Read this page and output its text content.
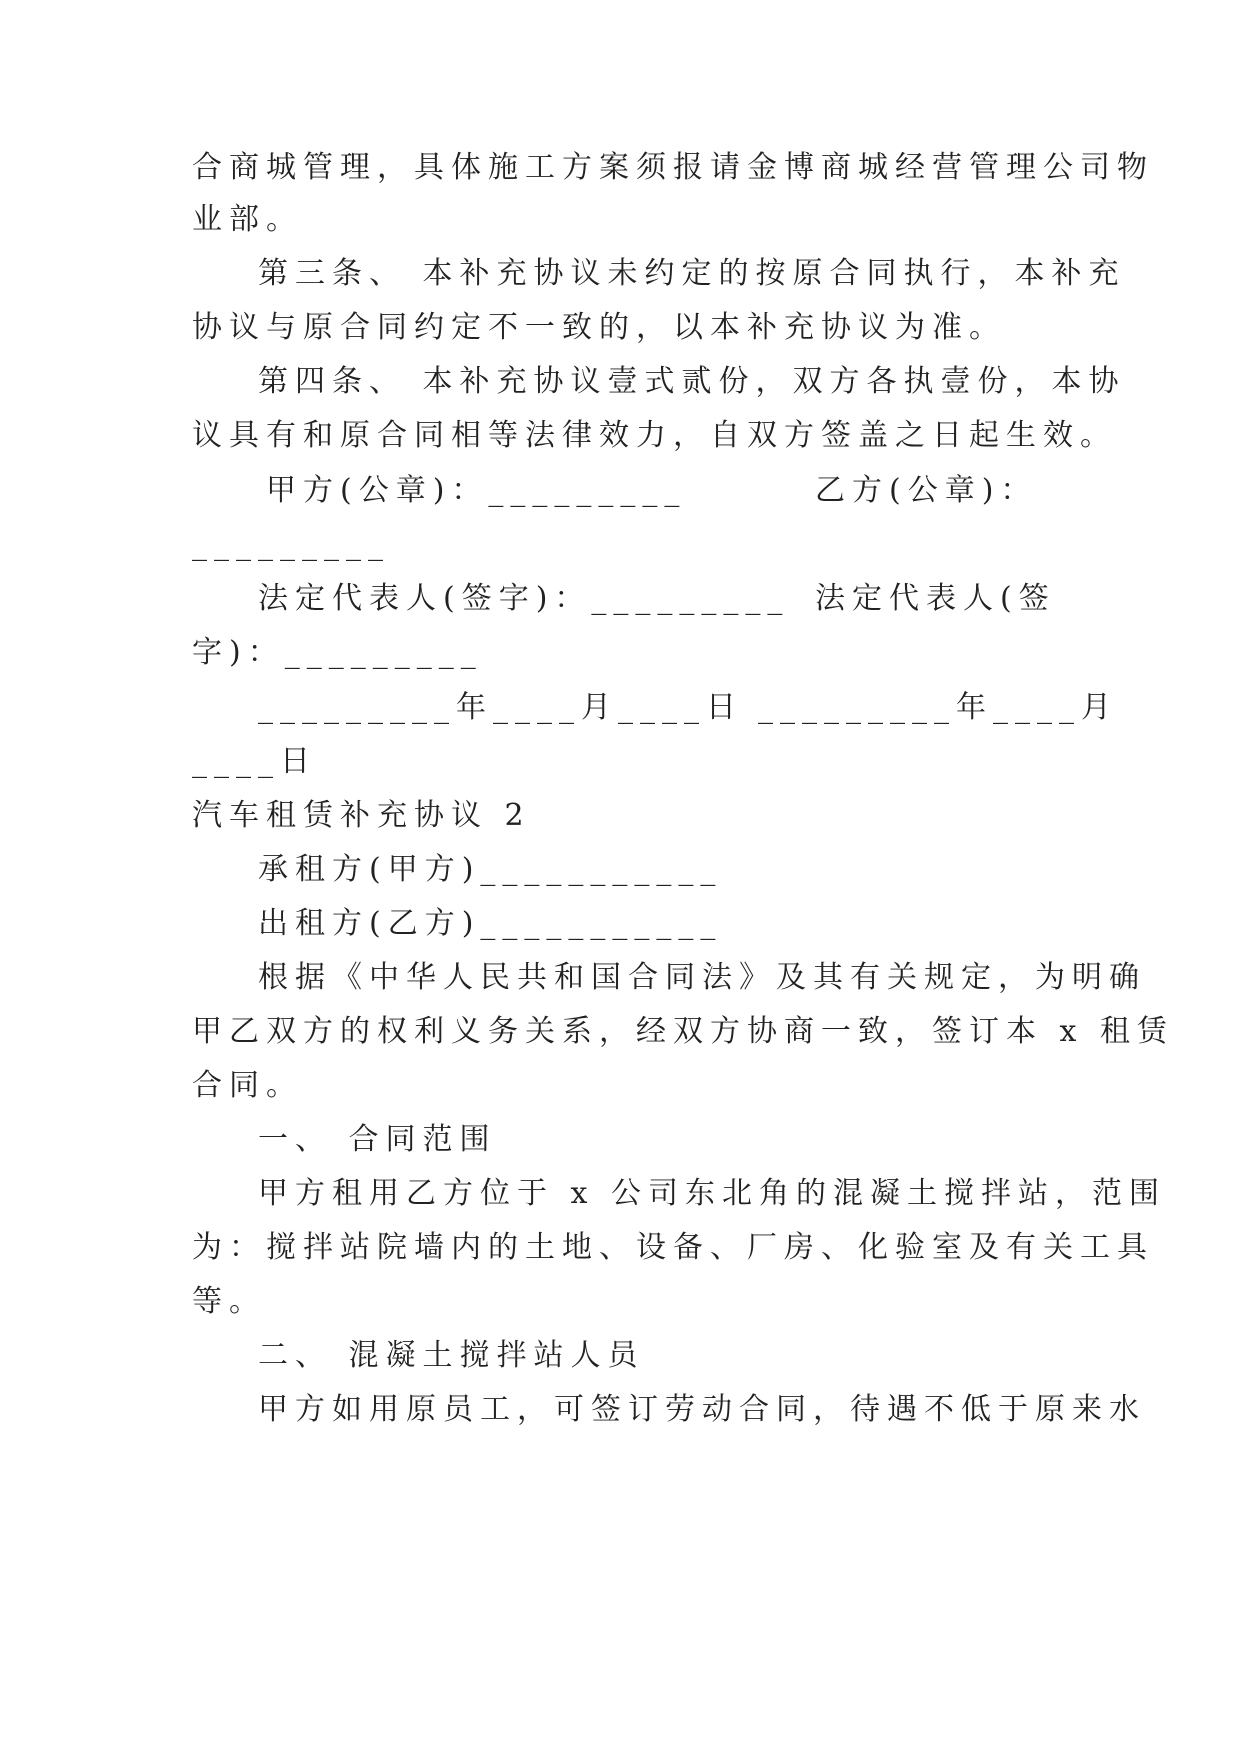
合商城管理，具体施工方案须报请金博商城经营管理公司物
业部。
第三条、 本补充协议未约定的按原合同执行，本补充
协议与原合同约定不一致的，以本补充协议为准。
第四条、 本补充协议壹式贰份，双方各执壹份，本协
议具有和原合同相等法律效力，自双方签盖之日起生效。
甲方(公章)：_________	乙方(公章)：
_________
法定代表人(签字)：_________ 法定代表人(签
字)：_________
_________年____月____日 _________年____月
____日
汽车租赁补充协议 2
承租方(甲方)___________
出租方(乙方)___________
根据《中华人民共和国合同法》及其有关规定，为明确
甲乙双方的权利义务关系，经双方协商一致，签订本 x 租赁
合同。
一、 合同范围
甲方租用乙方位于 x 公司东北角的混凝土搅拌站，范围
为：搅拌站院墙内的土地、设备、厂房、化验室及有关工具
等。
二、 混凝土搅拌站人员
甲方如用原员工，可签订劳动合同，待遇不低于原来水
